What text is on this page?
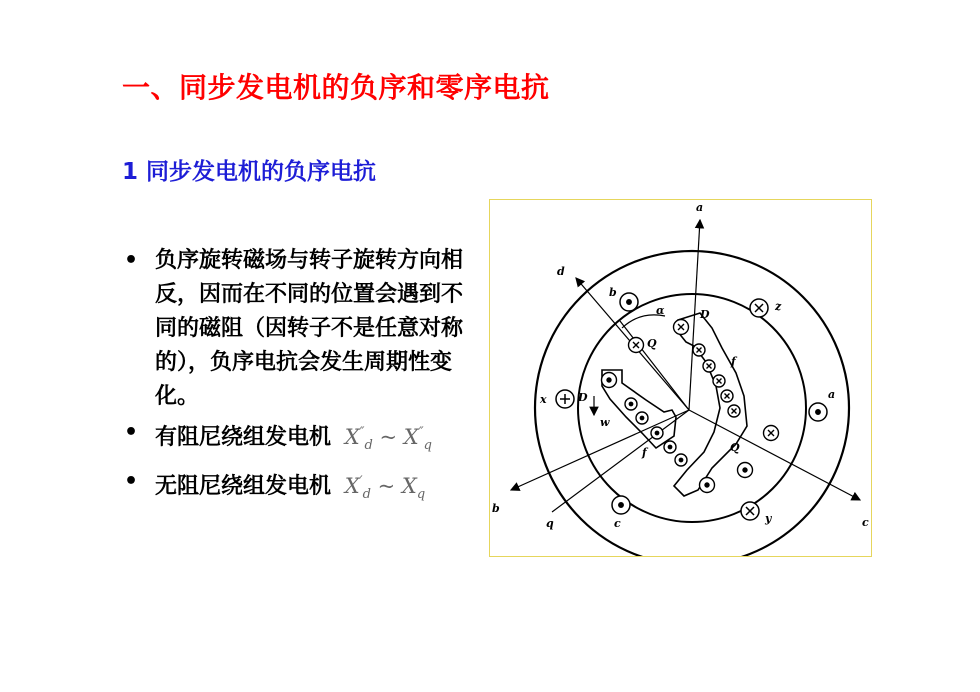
一、同步发电机的负序和零序电抗
1 同步发电机的负序电抗
• 负序旋转磁场与转子旋转方向相反，因而在不同的位置会遇到不同的磁阻（因转子不是任意对称的），负序电抗会发生周期性变化。
• 有阻尼绕组发电机 $X''_d$ ~ $X''_q$
• 无阻尼绕组发电机 $X'_d$ ~ $X_q$
a
a
b
b
c	c
d
q
x
y
z
w
D
D
Q
Q
f
f
α
